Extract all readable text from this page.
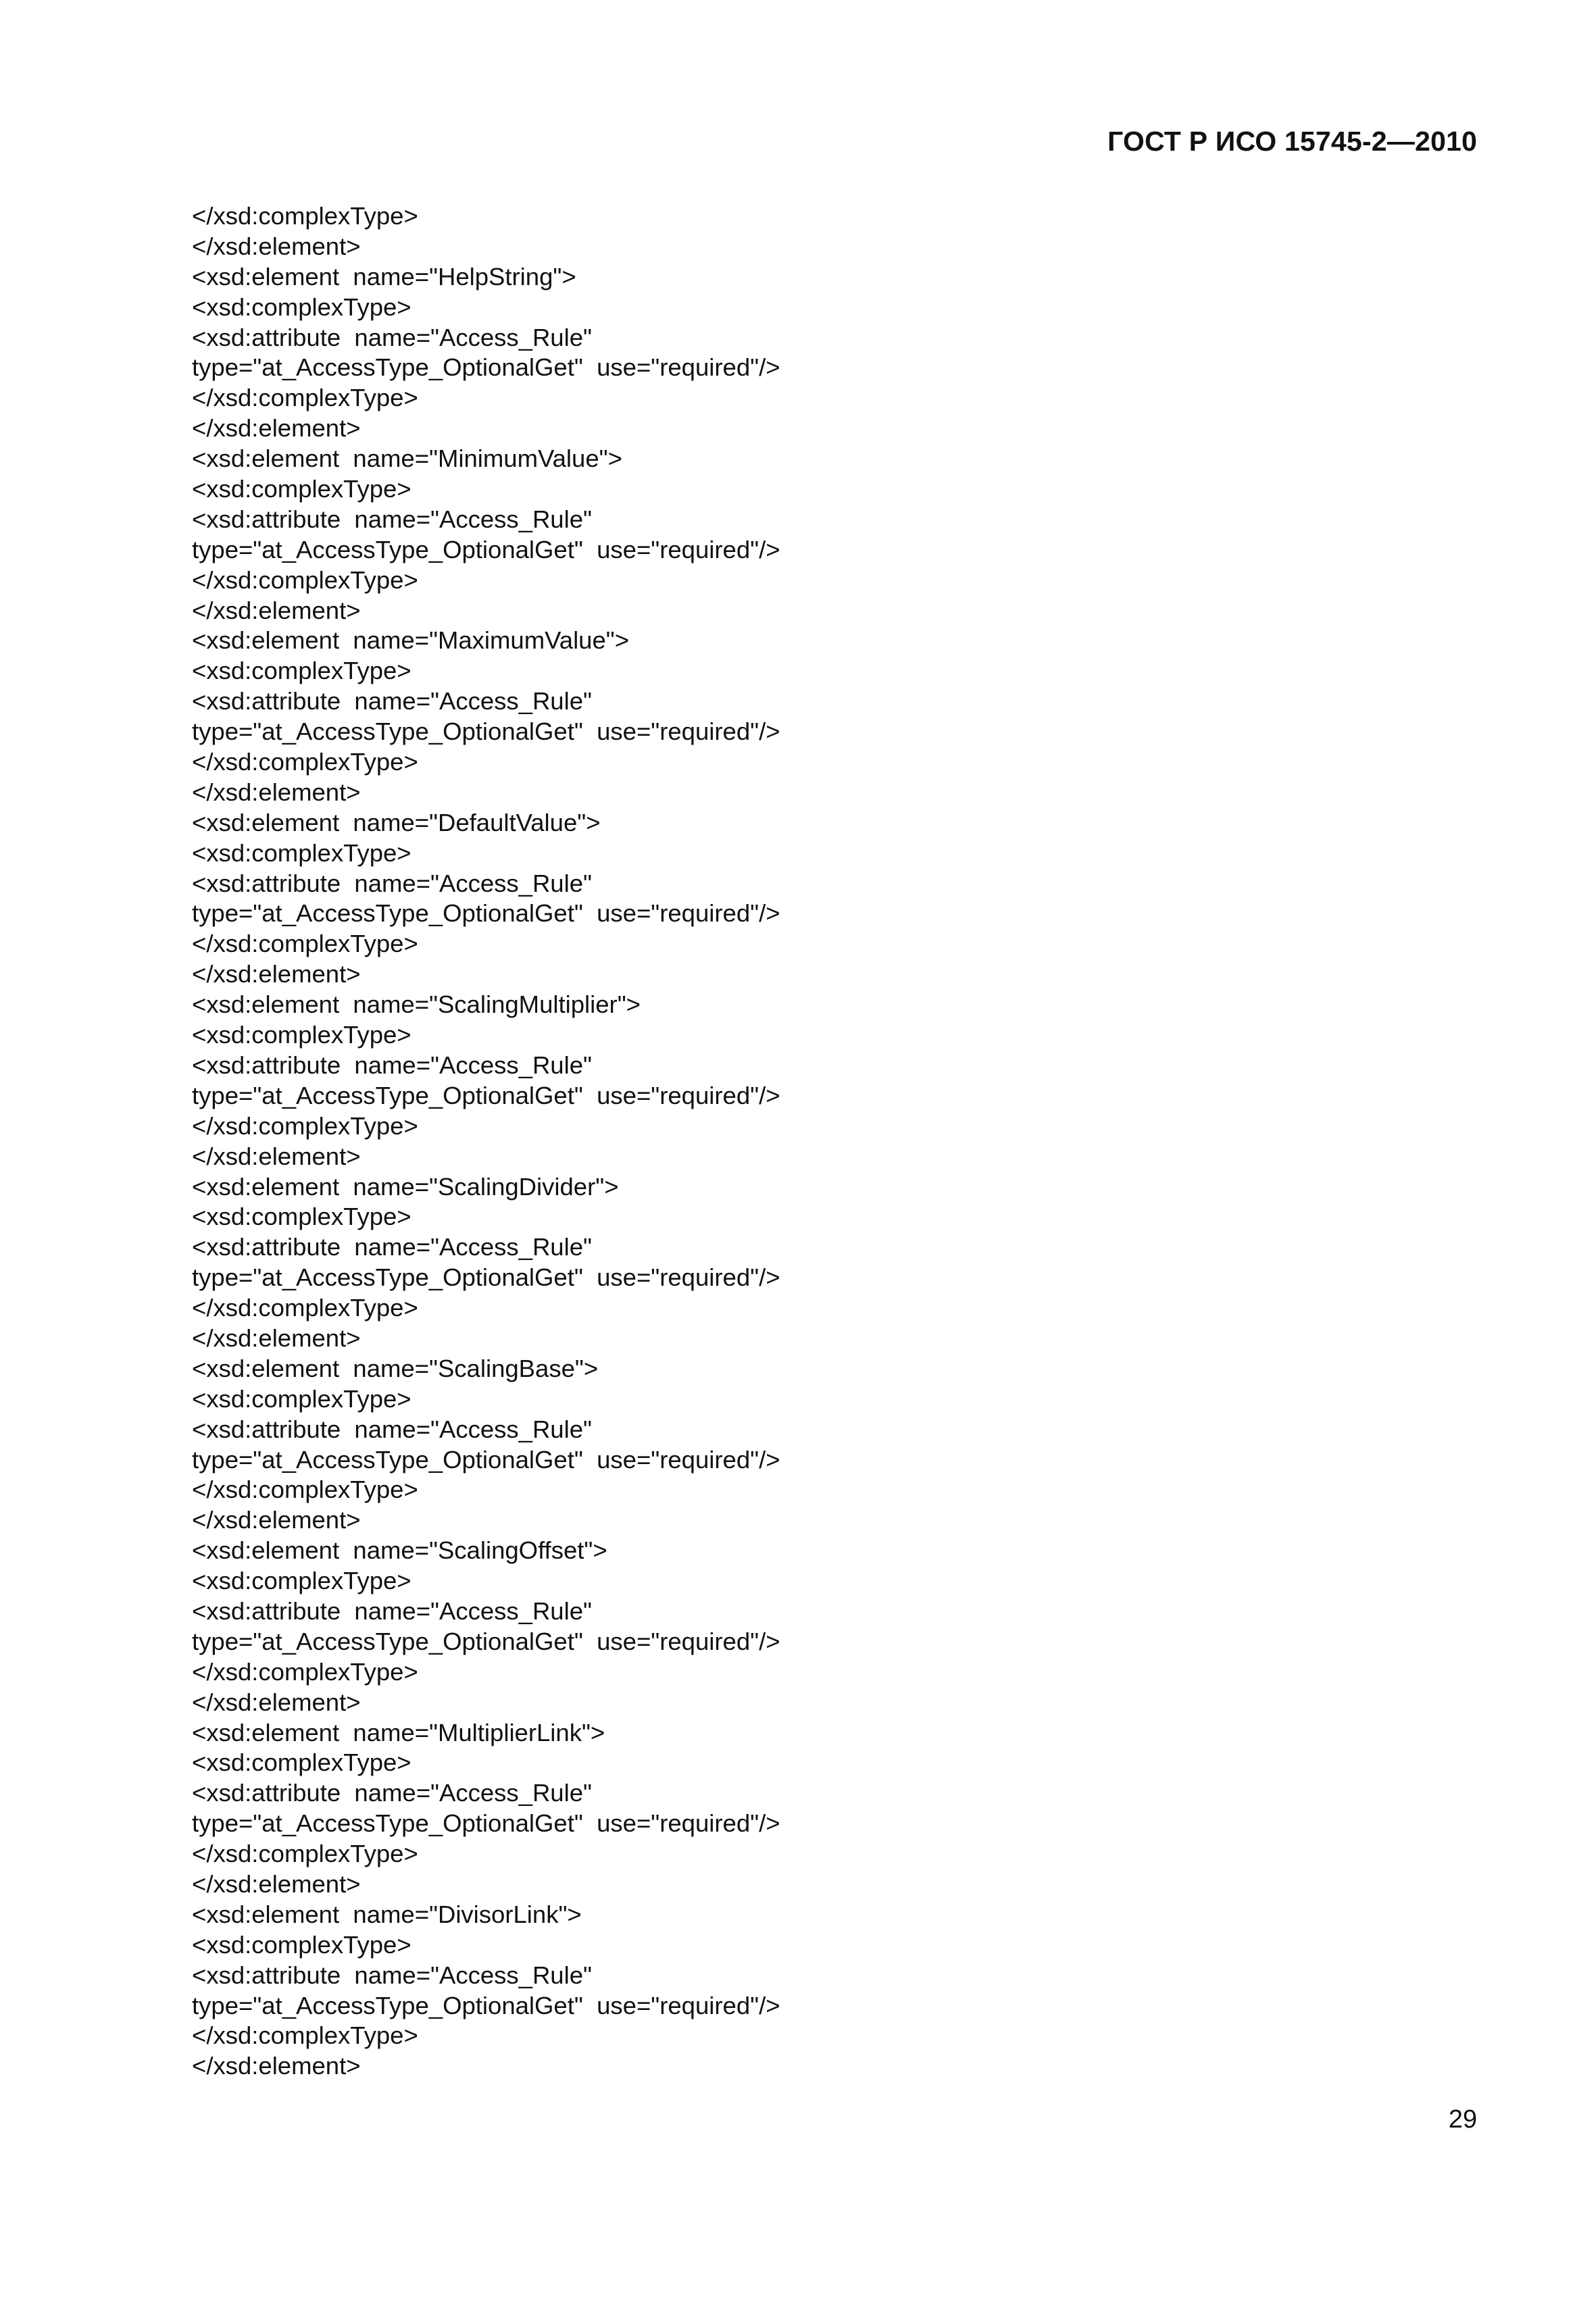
ГОСТ Р ИСО 15745-2—2010
</xsd:complexType>
</xsd:element>
<xsd:element  name="HelpString">
<xsd:complexType>
<xsd:attribute  name="Access_Rule"
type="at_AccessType_OptionalGet"  use="required"/>
</xsd:complexType>
</xsd:element>
<xsd:element  name="MinimumValue">
<xsd:complexType>
<xsd:attribute  name="Access_Rule"
type="at_AccessType_OptionalGet"  use="required"/>
</xsd:complexType>
</xsd:element>
<xsd:element  name="MaximumValue">
<xsd:complexType>
<xsd:attribute  name="Access_Rule"
type="at_AccessType_OptionalGet"  use="required"/>
</xsd:complexType>
</xsd:element>
<xsd:element  name="DefaultValue">
<xsd:complexType>
<xsd:attribute  name="Access_Rule"
type="at_AccessType_OptionalGet"  use="required"/>
</xsd:complexType>
</xsd:element>
<xsd:element  name="ScalingMultiplier">
<xsd:complexType>
<xsd:attribute  name="Access_Rule"
type="at_AccessType_OptionalGet"  use="required"/>
</xsd:complexType>
</xsd:element>
<xsd:element  name="ScalingDivider">
<xsd:complexType>
<xsd:attribute  name="Access_Rule"
type="at_AccessType_OptionalGet"  use="required"/>
</xsd:complexType>
</xsd:element>
<xsd:element  name="ScalingBase">
<xsd:complexType>
<xsd:attribute  name="Access_Rule"
type="at_AccessType_OptionalGet"  use="required"/>
</xsd:complexType>
</xsd:element>
<xsd:element  name="ScalingOffset">
<xsd:complexType>
<xsd:attribute  name="Access_Rule"
type="at_AccessType_OptionalGet"  use="required"/>
</xsd:complexType>
</xsd:element>
<xsd:element  name="MultiplierLink">
<xsd:complexType>
<xsd:attribute  name="Access_Rule"
type="at_AccessType_OptionalGet"  use="required"/>
</xsd:complexType>
</xsd:element>
<xsd:element  name="DivisorLink">
<xsd:complexType>
<xsd:attribute  name="Access_Rule"
type="at_AccessType_OptionalGet"  use="required"/>
</xsd:complexType>
</xsd:element>
29
